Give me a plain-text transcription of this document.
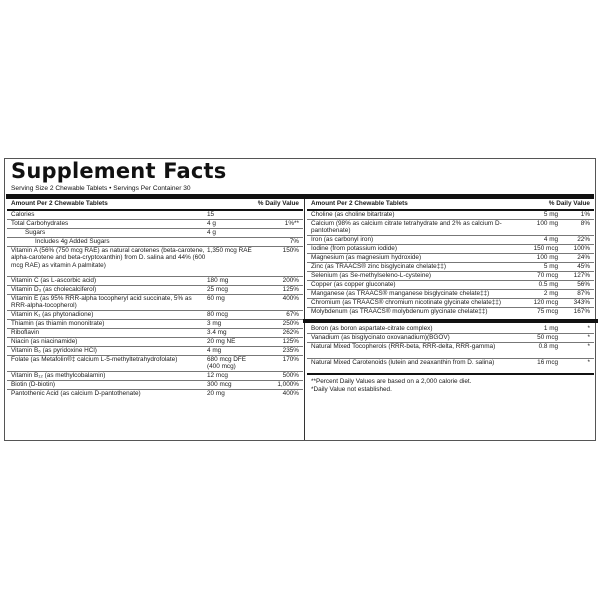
Supplement Facts
Serving Size 2 Chewable Tablets • Servings Per Container 30
Amount Per 2 Chewable Tablets	% Daily Value
Calories	15
Total Carbohydrates	4 g	1%**
Sugars	4 g
Includes 4g Added Sugars	7%
Vitamin A (56% (750 mcg RAE) as natural carotenes (beta-carotene, alpha-carotene and beta-cryptoxanthin) from D. salina and 44% (600 mcg RAE) as vitamin A palmitate)
1,350 mcg RAE	150%
Vitamin C (as L-ascorbic acid)	180 mg	200%
Vitamin D₃ (as cholecalciferol)	25 mcg	125%
Vitamin E (as 95% RRR-alpha tocopheryl acid succinate, 5% as RRR-alpha-tocopherol)
60 mg	400%
Vitamin K₁ (as phytonadione)	80 mcg	67%
Thiamin (as thiamin mononitrate)	3 mg	250%
Riboflavin	3.4 mg	262%
Niacin (as niacinamide)	20 mg NE	125%
Vitamin B₆ (as pyridoxine HCl)	4 mg	235%
Folate (as Metafolin®‡ calcium L-5-methyltetrahydrofolate)	680 mcg DFE (400 mcg)
170%
Vitamin B₁₂ (as methylcobalamin)	12 mcg	500%
Biotin (D-biotin)	300 mcg	1,000%
Pantothenic Acid (as calcium D-pantothenate)	20 mg	400%
Amount Per 2 Chewable Tablets	% Daily Value
Choline (as choline bitartrate)	5 mg	1%
Calcium (98% as calcium citrate tetrahydrate and 2% as calcium D-pantothenate)
100 mg	8%
Iron (as carbonyl iron)	4 mg	22%
Iodine (from potassium iodide)	150 mcg	100%
Magnesium (as magnesium hydroxide)	100 mg	24%
Zinc (as TRAACS® zinc bisglycinate chelate‡‡)	5 mg	45%
Selenium (as Se-methylseleno-L-cysteine)	70 mcg	127%
Copper (as copper gluconate)	0.5 mg	56%
Manganese (as TRAACS® manganese bisglycinate chelate‡‡)	2 mg	87%
Chromium (as TRAACS® chromium nicotinate glycinate chelate‡‡)	120 mcg	343%
Molybdenum (as TRAACS® molybdenum glycinate chelate‡‡)	75 mcg	167%
Boron (as boron aspartate-citrate complex)	1 mg	*
Vanadium (as bisglycinato oxovanadium)(BGOV)	50 mcg	*
Natural Mixed Tocopherols (RRR-beta, RRR-delta, RRR-gamma)	0.8 mg	*
Natural Mixed Carotenoids (lutein and zeaxanthin from D. salina)	16 mcg	*
**Percent Daily Values are based on a 2,000 calorie diet.
*Daily Value not established.
